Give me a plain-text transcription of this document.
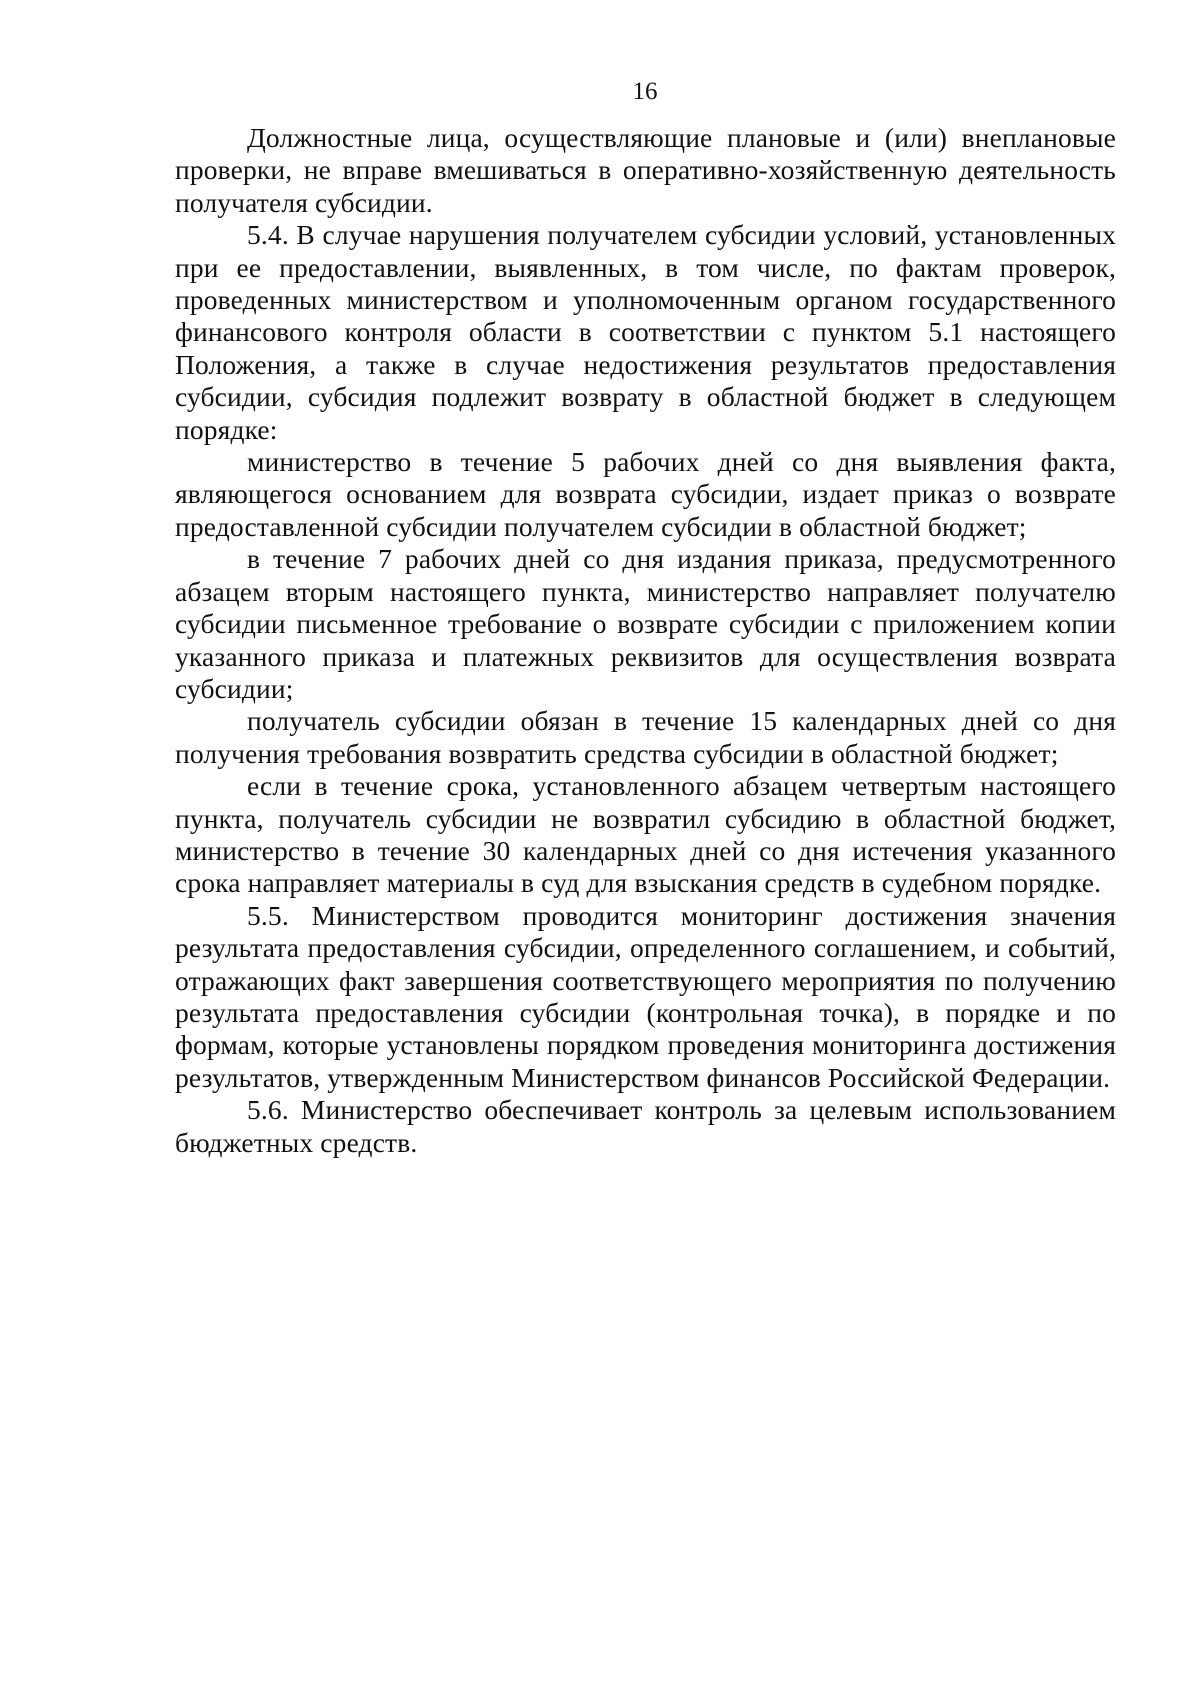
16

Должностные лица, осуществляющие плановые и (или) внеплановые проверки, не вправе вмешиваться в оперативно-хозяйственную деятельность получателя субсидии.

5.4. В случае нарушения получателем субсидии условий, установленных при ее предоставлении, выявленных, в том числе, по фактам проверок, проведенных министерством и уполномоченным органом государственного финансового контроля области в соответствии с пунктом 5.1 настоящего Положения, а также в случае недостижения результатов предоставления субсидии, субсидия подлежит возврату в областной бюджет в следующем порядке:

министерство в течение 5 рабочих дней со дня выявления факта, являющегося основанием для возврата субсидии, издает приказ о возврате предоставленной субсидии получателем субсидии в областной бюджет;

в течение 7 рабочих дней со дня издания приказа, предусмотренного абзацем вторым настоящего пункта, министерство направляет получателю субсидии письменное требование о возврате субсидии с приложением копии указанного приказа и платежных реквизитов для осуществления возврата субсидии;

получатель субсидии обязан в течение 15 календарных дней со дня получения требования возвратить средства субсидии в областной бюджет;

если в течение срока, установленного абзацем четвертым настоящего пункта, получатель субсидии не возвратил субсидию в областной бюджет, министерство в течение 30 календарных дней со дня истечения указанного срока направляет материалы в суд для взыскания средств в судебном порядке.

5.5. Министерством проводится мониторинг достижения значения результата предоставления субсидии, определенного соглашением, и событий, отражающих факт завершения соответствующего мероприятия по получению результата предоставления субсидии (контрольная точка), в порядке и по формам, которые установлены порядком проведения мониторинга достижения результатов, утвержденным Министерством финансов Российской Федерации.

5.6. Министерство обеспечивает контроль за целевым использованием бюджетных средств.
